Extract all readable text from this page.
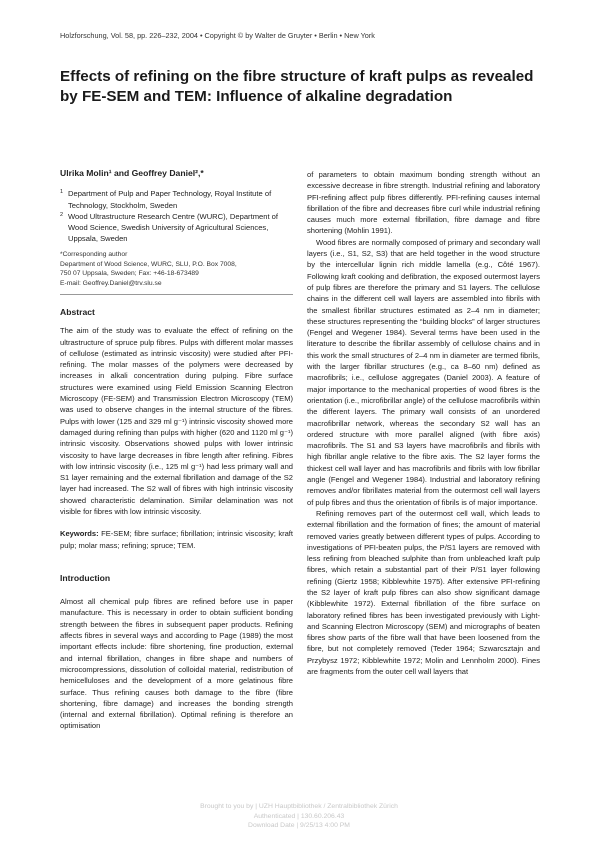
Holzforschung, Vol. 58, pp. 226–232, 2004 • Copyright © by Walter de Gruyter • Berlin • New York
Effects of refining on the fibre structure of kraft pulps as revealed by FE-SEM and TEM: Influence of alkaline degradation
Ulrika Molin¹ and Geoffrey Daniel²,*
1 Department of Pulp and Paper Technology, Royal Institute of Technology, Stockholm, Sweden
2 Wood Ultrastructure Research Centre (WURC), Department of Wood Science, Swedish University of Agricultural Sciences, Uppsala, Sweden
*Corresponding author
Department of Wood Science, WURC, SLU, P.O. Box 7008,
750 07 Uppsala, Sweden; Fax: +46-18-673489
E-mail: Geoffrey.Daniel@trv.slu.se
Abstract

The aim of the study was to evaluate the effect of refining on the ultrastructure of spruce pulp fibres. Pulps with different molar masses of cellulose (estimated as intrinsic viscosity) were studied after PFI-refining. The molar masses of the polymers were decreased by increases in alkali concentration during pulping. Fibre surface structures were examined using Field Emission Scanning Electron Microscopy (FE-SEM) and Transmission Electron Microscopy (TEM) was used to observe changes in the internal structure of the fibres. Pulps with lower (125 and 329 ml g⁻¹) intrinsic viscosity showed more damaged during refining than pulps with higher (620 and 1120 ml g⁻¹) intrinsic viscosity. Observations showed pulps with lower intrinsic viscosity to have large decreases in fibre length after refining. Fibres with low intrinsic viscosity (i.e., 125 ml g⁻¹) had less primary wall and S1 layer remaining and the external fibrillation and damage of the S2 layer had increased. The S2 wall of fibres with high intrinsic viscosity showed characteristic delamination. Similar delamination was not visible for fibres with low intrinsic viscosity.

Keywords: FE-SEM; fibre surface; fibrillation; intrinsic viscosity; kraft pulp; molar mass; refining; spruce; TEM.

Introduction

Almost all chemical pulp fibres are refined before use in paper manufacture. This is necessary in order to obtain sufficient bonding strength between the fibres in subsequent paper products. Refining affects fibres in several ways and according to Page (1989) the most important effects include: fibre shortening, fine production, external and internal fibrillation, changes in fibre shape and numbers of microcompressions, dissolution of colloidal material, redistribution of hemicelluloses and the development of a more gelatinous fibre surface. Thus refining causes both damage to the fibre (fibre shortening, fibre damage) and increases the bonding strength (internal and external fibrillation). Optimal refining is therefore an optimisation

of parameters to obtain maximum bonding strength without an excessive decrease in fibre strength. Industrial refining and laboratory PFI-refining affect pulp fibres differently. PFI-refining causes internal fibrillation of the fibre and decreases fibre curl while industrial refining causes much more external fibrillation, fibre damage and fibre shortening (Mohlin 1991).

Wood fibres are normally composed of primary and secondary wall layers (i.e., S1, S2, S3) that are held together in the wood structure by the intercellular lignin rich middle lamella (e.g., Côté 1967). Following kraft cooking and defibration, the exposed outermost layers of pulp fibres are therefore the primary and S1 layers. The cellulose chains in the different cell wall layers are assembled into fibrils with the smallest fibrillar structures estimated as 2–4 nm in diameter; these structures representing the “building blocks” of larger structures (Fengel and Wegener 1984). Several terms have been used in the literature to describe the fibrillar assembly of cellulose chains and in this work the small structures of 2–4 nm in diameter are termed fibrils, with the larger fibrillar structures (e.g., ca 8–60 nm) defined as macrofibrils; i.e., cellulose aggregates (Daniel 2003). A feature of major importance to the mechanical properties of wood fibres is the orientation (i.e., microfibrillar angle) of the cellulose macrofibrils within the different layers. The primary wall consists of an unordered macrofibrillar network, whereas the secondary S2 wall has an ordered structure with more parallel aligned (with fibre axis) macrofibrils. The S1 and S3 layers have macrofibrils and fibrils with high fibrillar angle relative to the fibre axis. The S2 layer forms the thickest cell wall layer and has macrofibrils and fibrils with low fibrillar angle (Fengel and Wegener 1984). Industrial and laboratory refining removes and/or fibrillates material from the outermost cell wall layers of pulp fibres and thus the orientation of fibrils is of major importance.

Refining removes part of the outermost cell wall, which leads to external fibrillation and the formation of fines; the amount of material removed varies greatly between different types of pulps. According to investigations of PFI-beaten pulps, the P/S1 layers are removed with less refining from bleached sulphite than from unbleached kraft pulp fibres, which retain a substantial part of their P/S1 layer following refining (Giertz 1958; Kibblewhite 1975). After extensive PFI-refining the S2 layer of kraft pulp fibres can also show significant damage (Kibblewhite 1972). External fibrillation of the fibre surface on laboratory refined fibres has been investigated previously with Light- and Scanning Electron Microscopy (SEM) and micrographs of beaten fibres show parts of the fibre wall that have been loosened from the fibre, but not completely removed (Teder 1964; Szwarcsztajn and Przybysz 1972; Kibblewhite 1972; Molin and Lennholm 2000). Fines are fragments from the outer cell wall layers that

Brought to you by | UZH Hauptbibliothek / Zentralbibliothek Zürich
Authenticated | 130.60.206.43
Download Date | 9/25/13 4:00 PM
